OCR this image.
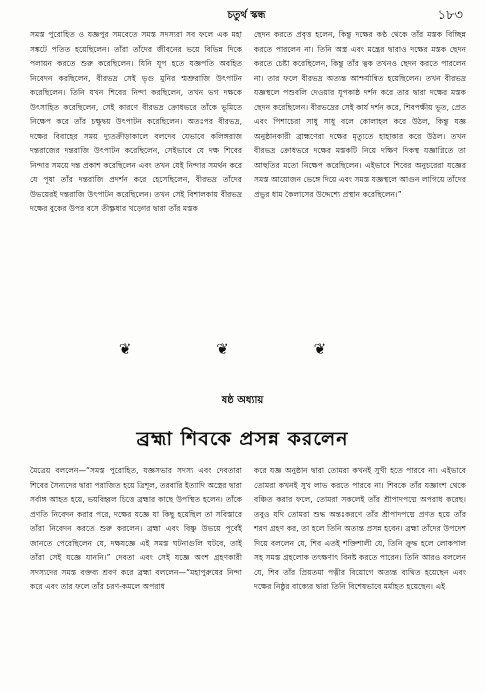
চতুর্থ স্কন্ধ	১৮৩

সমস্ত পুরোহিত ও যজ্ঞপুর সমবেতে সমস্ত সদস্যরা সব ফলে এক মহা সঙ্কটে পতিত হয়েছিলেন। তাঁরা তাঁদের জীবনের ভয়ে বিভিন্ন দিকে পলায়ন করতে শুরু করেছিলেন। যিনি যূপ হতে যজ্ঞপতি অবহিত নিবেদন করছিলেন, বীরভদ্র সেই ভৃগু মুনির শ্মশ্রুরাজি উৎপাটন করেছিলেন। তিনি যখন শিবের নিন্দা করছিলেন, তখন ভগ দক্ষকে উৎসাহিত করেছিলেন, সেই কারণে বীরভদ্র ক্রোধভরে তাঁকে ভূমিতে নিক্ষেপ করে তাঁর চক্ষুদ্বয় উৎপাটন করেছিলেন। অতঃপর বীরভদ্র, দক্ষের বিবাহের সময় দ্যুতক্রীড়াকালে বলদেব যেভাবে কলিঙ্গরাজ দন্তরাজের দন্তরাজি উৎপাটন করেছিলেন, সেইভাবে যে দক্ষ শিবের নিন্দার সময়ে দন্ত প্রকাশ করেছিলেন এবং তখন যেই নিন্দার সমর্থন করে যে পূষা তাঁর দন্তরাজি প্রদর্শন করে হেসেছিলেন, বীরভদ্র তাঁদের উভয়েরই দন্তরাজি উৎপাটন করেছিলেন। তখন সেই বিশালকায় বীরভদ্র দক্ষের বুকের উপর বসে তীক্ষ্ণধার খড়্গের দ্বারা তাঁর মস্তক

ছেদন করতে প্রবৃত্ত হলেন, কিন্তু দক্ষের কণ্ঠ থেকে তাঁর মস্তক বিচ্ছিন্ন করতে পারলেন না। তিনি অস্ত্র এবং মন্ত্রের দ্বারাও দক্ষের মস্তক ছেদন করতে চেষ্টা করেছিলেন, কিন্তু তাঁর ত্বক তখনও ছেদন করতে পারলেন না। তার ফলে বীরভদ্র অত্যন্ত আশ্চর্যান্বিত হয়েছিলেন। তখন বীরভদ্র যজ্ঞস্থলে পশুবলি দেওয়ার যূপকাষ্ঠ দর্শন করে তার দ্বারা দক্ষের মস্তক ছেদন করেছিলেন। বীরভদ্রের সেই কার্য দর্শন করে, শিবপক্ষীয় ভূত, প্রেত এবং পিশাচেরা সাধু সাধু বলে কোলাহল করে উঠল, কিন্তু যজ্ঞ অনুষ্ঠানকারী ব্রাহ্মণেরা দক্ষের মৃত্যুতে হাহাকার করে উঠল। তখন বীরভদ্র ক্রোধভরে দক্ষের মস্তকটি নিয়ে দক্ষিণ দিকস্থ যজ্ঞাগ্নিতে তা আহুতির মতো নিক্ষেপ করেছিলেন। এইভাবে শিবের অনুচরেরা যজ্ঞের সমস্ত আয়োজন ভেঙ্গে দিয়ে এবং সমস্ত যজ্ঞস্থলে আগুন লাগিয়ে তাঁদের প্রভুর ধাম কৈলাসের উদ্দেশ্যে প্রস্থান করেছিলেন।”

❦	❦	❦
ষষ্ঠ অধ্যায়
ব্রহ্মা শিবকে প্রসন্ন করলেন

মৈত্রেয় বললেন—“সমস্ত পুরোহিত, যজ্ঞসভার সদস্য এবং দেবতারা শিবের সৈন্যদের দ্বারা পরাজিত হয়ে ত্রিশূল, তরবারি ইত্যাদি অস্ত্রের দ্বারা সর্বাঙ্গ আহত হয়ে, ভয়বিহ্বল চিত্তে ব্রহ্মার কাছে উপস্থিত হলেন। তাঁকে প্রণতি নিবেদন করার পরে, দক্ষের যজ্ঞে যা কিছু হয়েছিল তা সবিস্তারে তাঁরা নিবেদন করতে শুরু করলেন। ব্রহ্মা এবং বিষ্ণু উভয়ে পূর্বেই জানতে পেরেছিলেন যে, দক্ষযজ্ঞে এই সমস্ত ঘটনাগুলি ঘটবে, তাই তাঁরা সেই যজ্ঞে যাননি।” দেবতা এবং সেই যজ্ঞে অংশ গ্রহণকারী সদস্যদের সমস্ত বক্তব্য শ্রবণ করে ব্রহ্মা বললেন—“মহাপুরুষের নিন্দা করে এবং তার ফলে তাঁর চরণ-কমলে অপরাধ

করে যজ্ঞ অনুষ্ঠান দ্বারা তোমরা কখনই সুখী হতে পারবে না। এইভাবে তোমরা কখনই সুখ লাভ করতে পারবে না। শিবকে তাঁর যজ্ঞাংশ থেকে বঞ্চিত করার ফলে, তোমরা সকলেই তাঁর শ্রীপাদপদ্মে অপরাধ করেছ। তবুও যদি তোমরা শুদ্ধ অন্তঃকরণে তাঁর শ্রীপাদপদ্মে প্রণত হয়ে তাঁর শরণ গ্রহণ কর, তা হলে তিনি অত্যন্ত প্রসন্ন হবেন। ব্রহ্মা তাঁদের উপদেশ দিয়ে বললেন যে, শিব এতই শক্তিশালী যে, তিনি ক্রুদ্ধ হলে লোকপাল সহ সমস্ত গ্রহলোক তৎক্ষণাৎ বিনষ্ট করতে পারেন। তিনি আরও বললেন যে, শিব তাঁর প্রিয়তমা পত্নীর বিয়োগে অত্যন্ত ব্যথিত হয়েছেন এবং দক্ষের নিষ্ঠুর বাক্যের দ্বারা তিনি বিশেষভাবে মর্মাহত হয়েছেন। এই
